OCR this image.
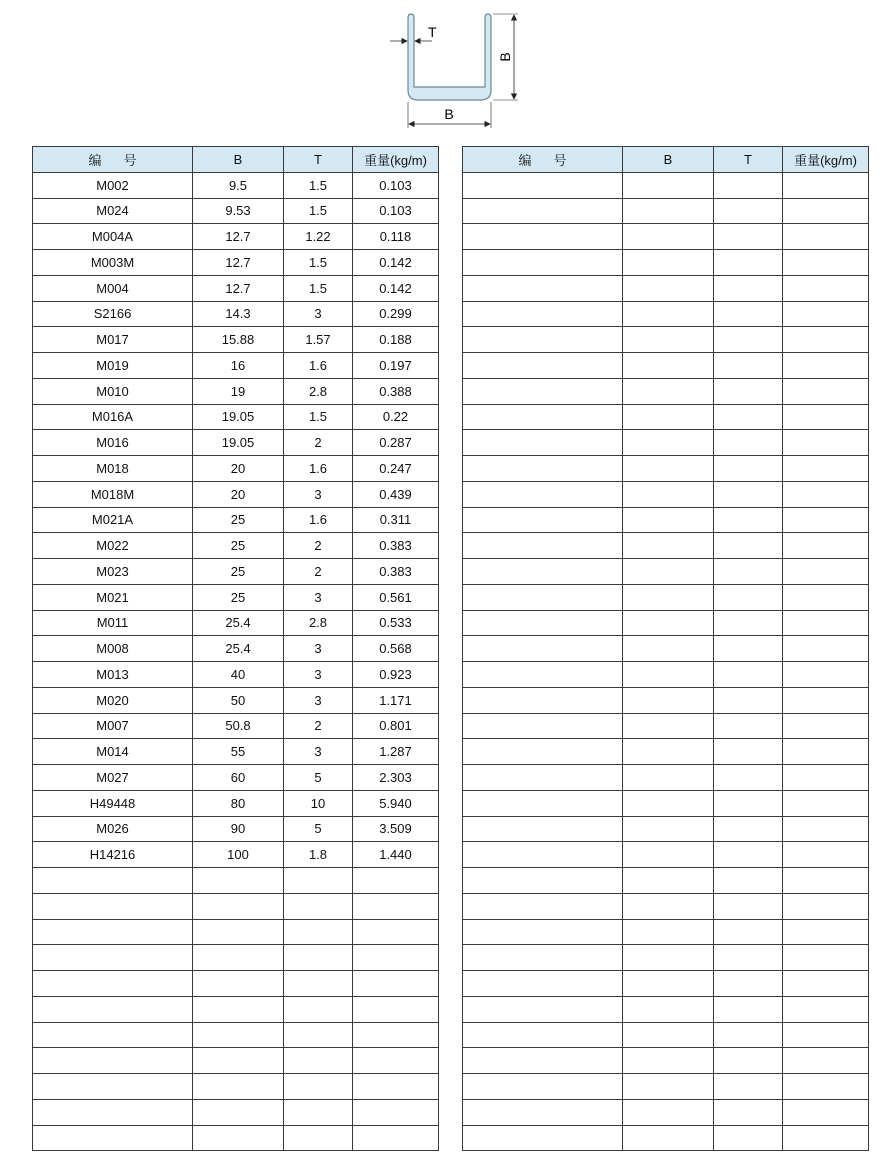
T
B
B
编号	B	T	重量(kg/m)
M002	9.5	1.5	0.103
M024	9.53	1.5	0.103
M004A	12.7	1.22	0.118
M003M	12.7	1.5	0.142
M004	12.7	1.5	0.142
S2166	14.3	3	0.299
M017	15.88	1.57	0.188
M019	16	1.6	0.197
M010	19	2.8	0.388
M016A	19.05	1.5	0.22
M016	19.05	2	0.287
M018	20	1.6	0.247
M018M	20	3	0.439
M021A	25	1.6	0.311
M022	25	2	0.383
M023	25	2	0.383
M021	25	3	0.561
M011	25.4	2.8	0.533
M008	25.4	3	0.568
M013	40	3	0.923
M020	50	3	1.171
M007	50.8	2	0.801
M014	55	3	1.287
M027	60	5	2.303
H49448	80	10	5.940
M026	90	5	3.509
H14216	100	1.8	1.440

编号	B	T	重量(kg/m)
